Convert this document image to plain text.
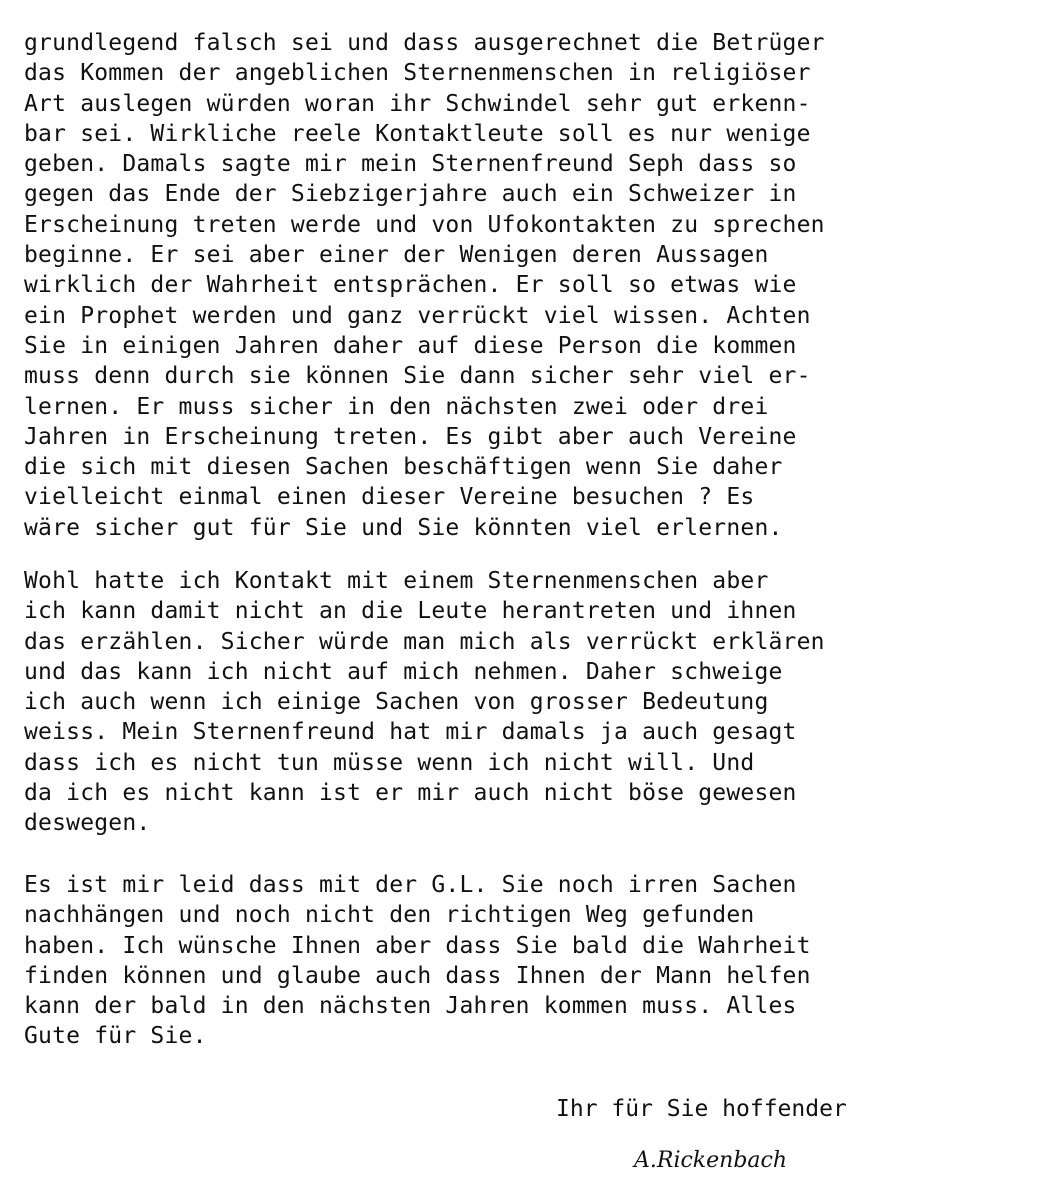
grundlegend falsch sei und dass ausgerechnet die Betrüger
das Kommen der angeblichen Sternenmenschen in religiöser
Art auslegen würden woran ihr Schwindel sehr gut erkenn-
bar sei. Wirkliche reele Kontaktleute soll es nur wenige
geben. Damals sagte mir mein Sternenfreund Seph dass so
gegen das Ende der Siebzigerjahre auch ein Schweizer in
Erscheinung treten werde und von Ufokontakten zu sprechen
beginne. Er sei aber einer der Wenigen deren Aussagen
wirklich der Wahrheit entsprächen. Er soll so etwas wie
ein Prophet werden und ganz verrückt viel wissen. Achten
Sie in einigen Jahren daher auf diese Person die kommen
muss denn durch sie können Sie dann sicher sehr viel er-
lernen. Er muss sicher in den nächsten zwei oder drei
Jahren in Erscheinung treten. Es gibt aber auch Vereine
die sich mit diesen Sachen beschäftigen wenn Sie daher
vielleicht einmal einen dieser Vereine besuchen ? Es
wäre sicher gut für Sie und Sie könnten viel erlernen.

Wohl hatte ich Kontakt mit einem Sternenmenschen aber
ich kann damit nicht an die Leute herantreten und ihnen
das erzählen. Sicher würde man mich als verrückt erklären
und das kann ich nicht auf mich nehmen. Daher schweige
ich auch wenn ich einige Sachen von grosser Bedeutung
weiss. Mein Sternenfreund hat mir damals ja auch gesagt
dass ich es nicht tun müsse wenn ich nicht will. Und
da ich es nicht kann ist er mir auch nicht böse gewesen
deswegen.

Es ist mir leid dass mit der G.L. Sie noch irren Sachen
nachhängen und noch nicht den richtigen Weg gefunden
haben. Ich wünsche Ihnen aber dass Sie bald die Wahrheit
finden können und glaube auch dass Ihnen der Mann helfen
kann der bald in den nächsten Jahren kommen muss. Alles
Gute für Sie.

Ihr für Sie hoffender

A.Rickenbach
